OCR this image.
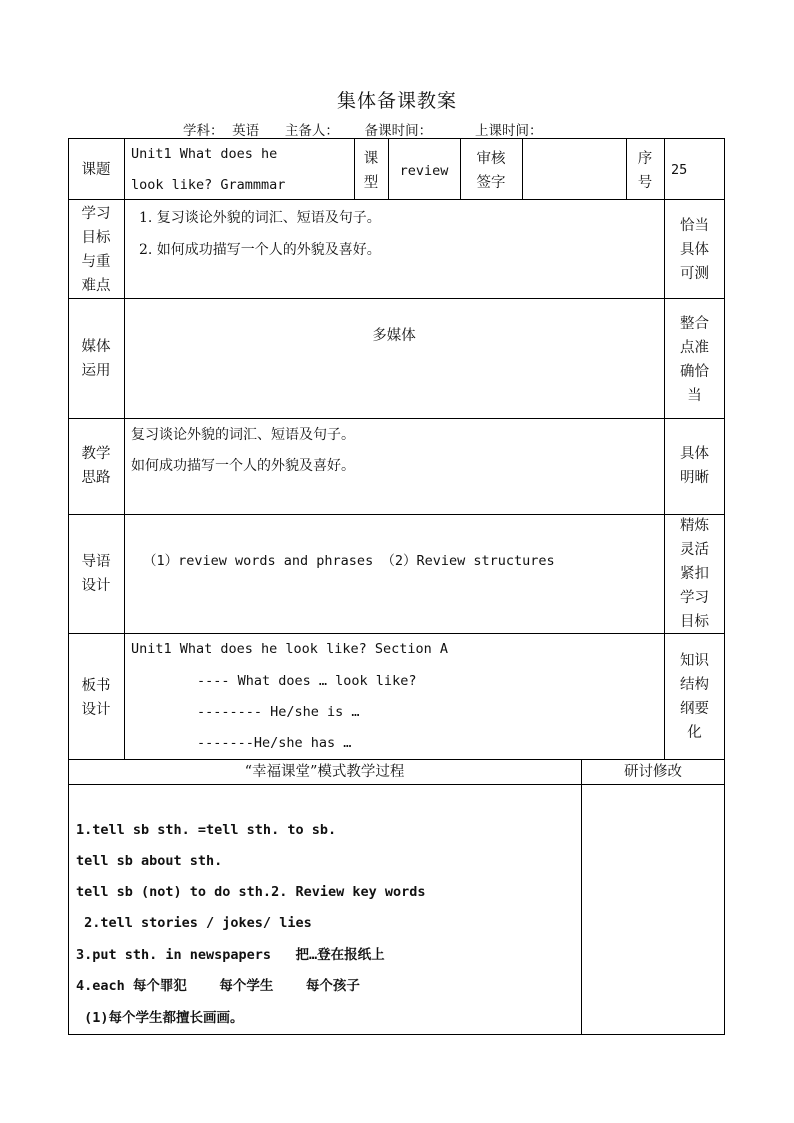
集体备课教案
学科： 英语 主备人： 备课时间：	上课时间：
课题
Unit1 What does he
look like? Grammmar
课
型
review
审核
签字
序
号
25
学习
目标
与重
难点
1. 复习谈论外貌的词汇、短语及句子。
2. 如何成功描写一个人的外貌及喜好。
恰当
具体
可测
媒体
运用
多媒体
整合
点准
确恰
当
教学
思路
复习谈论外貌的词汇、短语及句子。
如何成功描写一个人的外貌及喜好。
具体
明晰
导语
设计
（1）review words and phrases （2）Review structures
精炼
灵活
紧扣
学习
目标
板书
设计
Unit1 What does he look like? Section A
---- What does … look like?
-------- He/she is …
-------He/she has …
知识
结构
纲要
化
“幸福课堂”模式教学过程	研讨修改
1.tell sb sth. =tell sth. to sb.
tell sb about sth.
tell sb (not) to do sth.2. Review key words
2.tell stories / jokes/ lies
3.put sth. in newspapers   把…登在报纸上
4.each 每个罪犯    每个学生    每个孩子
(1)每个学生都擅长画画。
